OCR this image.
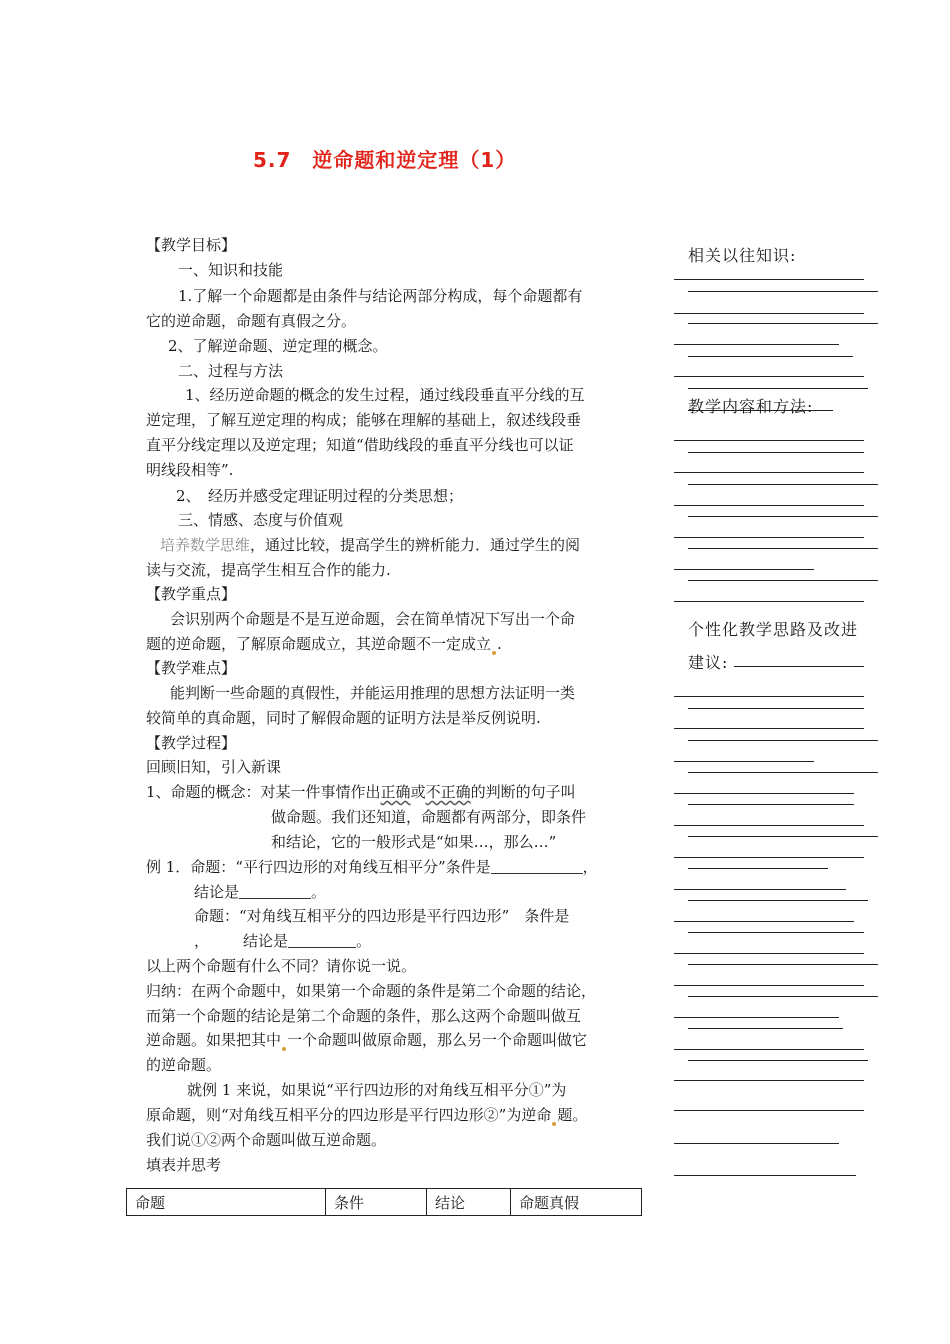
5.7　逆命题和逆定理（1）
【教学目标】
一、知识和技能
1.了解一个命题都是由条件与结论两部分构成，每个命题都有
它的逆命题，命题有真假之分。
2、了解逆命题、逆定理的概念。
二、过程与方法
1、经历逆命题的概念的发生过程，通过线段垂直平分线的互
逆定理，了解互逆定理的构成；能够在理解的基础上，叙述线段垂
直平分线定理以及逆定理；知道“借助线段的垂直平分线也可以证
明线段相等”.
2、　经历并感受定理证明过程的分类思想；
三、情感、态度与价值观
培养数学思维，通过比较，提高学生的辨析能力．通过学生的阅
读与交流，提高学生相互合作的能力.
【教学重点】
会识别两个命题是不是互逆命题，会在简单情况下写出一个命
题的逆命题，了解原命题成立，其逆命题不一定成立 .
【教学难点】
能判断一些命题的真假性，并能运用推理的思想方法证明一类
较简单的真命题，同时了解假命题的证明方法是举反例说明.
【教学过程】
回顾旧知，引入新课
1、命题的概念：对某一件事情作出正确或不正确的判断的句子叫
做命题。我们还知道，命题都有两部分，即条件
和结论，它的一般形式是“如果…，那么…”
例 1．命题：“平行四边形的对角线互相平分”条件是	，
结论是	。
命题：“对角线互相平分的四边形是平行四边形”　条件是
， 结论是	。
以上两个命题有什么不同？请你说一说。
归纳：在两个命题中，如果第一个命题的条件是第二个命题的结论，
而第一个命题的结论是第二个命题的条件，那么这两个命题叫做互
逆命题。如果把其中 一个命题叫做原命题，那么另一个命题叫做它
的逆命题。
就例 1 来说，如果说“平行四边形的对角线互相平分①”为
原命题，则“对角线互相平分的四边形是平行四边形②”为逆命 题。
我们说①②两个命题叫做互逆命题。
填表并思考
命题	条件	结论	命题真假
相关以往知识:
教学内容和方法:
个性化教学思路及改进
建议:
